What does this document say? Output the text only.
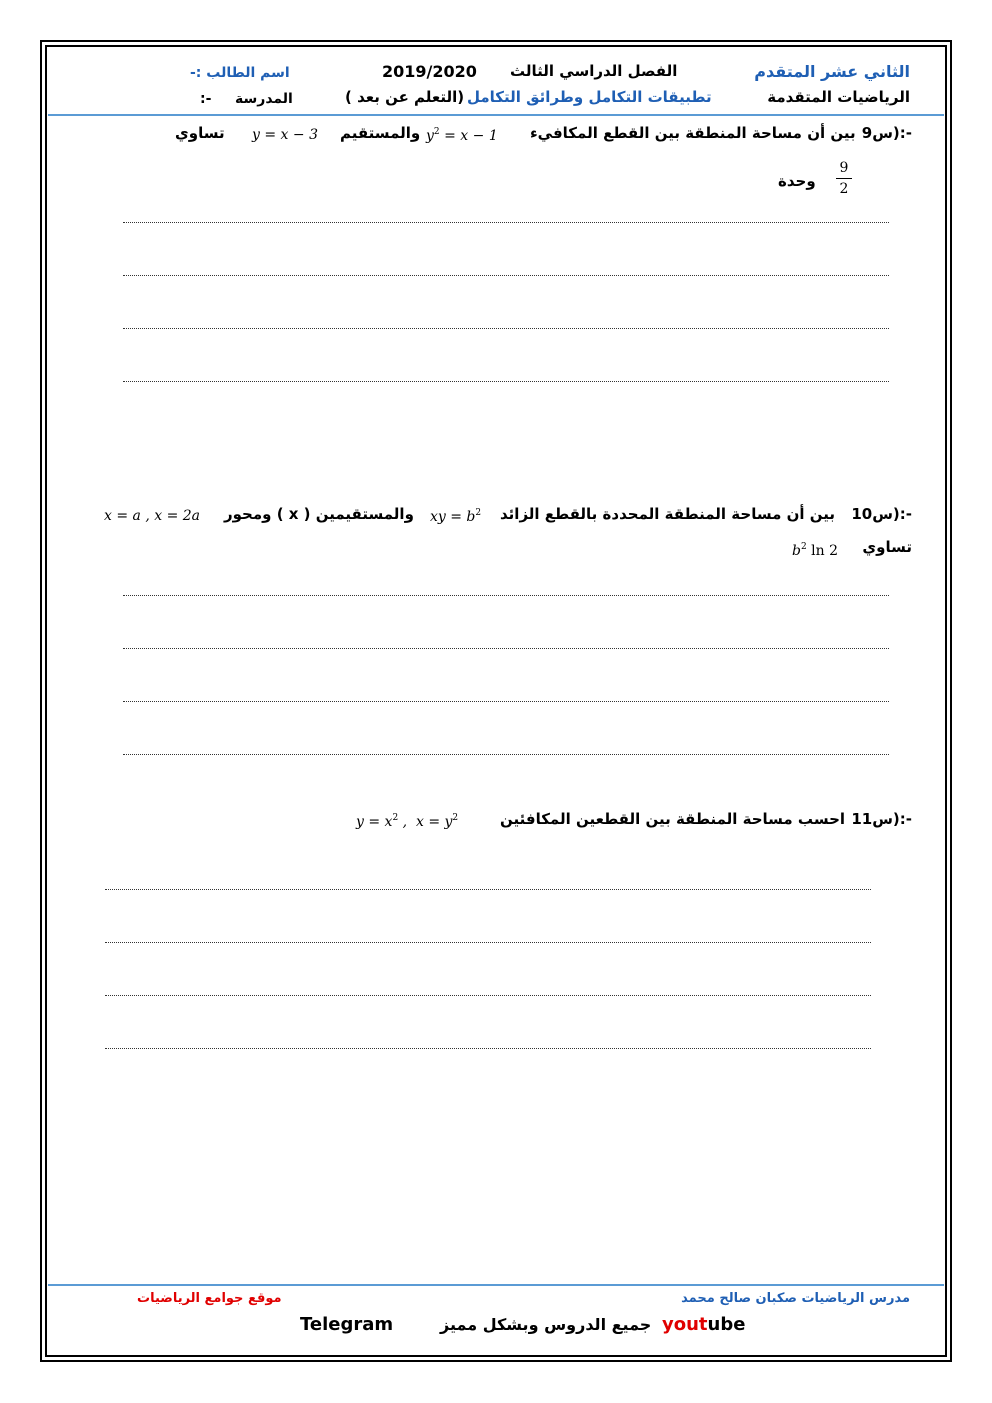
الثاني عشر المتقدم
الفصل الدراسي الثالث
2019/2020
اسم الطالب :-
الرياضيات المتقدمة
تطبيقات التكامل وطرائق التكامل
( التعلم عن بعد)
المدرسة
:-
س9):-
بين أن مساحة المنطقة بين القطع المكافيء
$y^2 = x - 1$
والمستقيم
y = x − 3
تساوي
9
2
وحدة
س10):-
بين أن مساحة المنطقة المحددة بالقطع الزائد
xy = $b^2$
ومحور ( x ) والمستقيمين
x = a , x = 2a
تساوي
$b^2$ ln 2
س11):-
احسب مساحة المنطقة بين القطعين المكافئين
$y = x^2$ ,  $x = y^2$
مدرس الرياضيات صكبان صالح محمد
موقع جوامع الرياضيات
Telegram	جميع الدروس وبشكل مميز youtube
